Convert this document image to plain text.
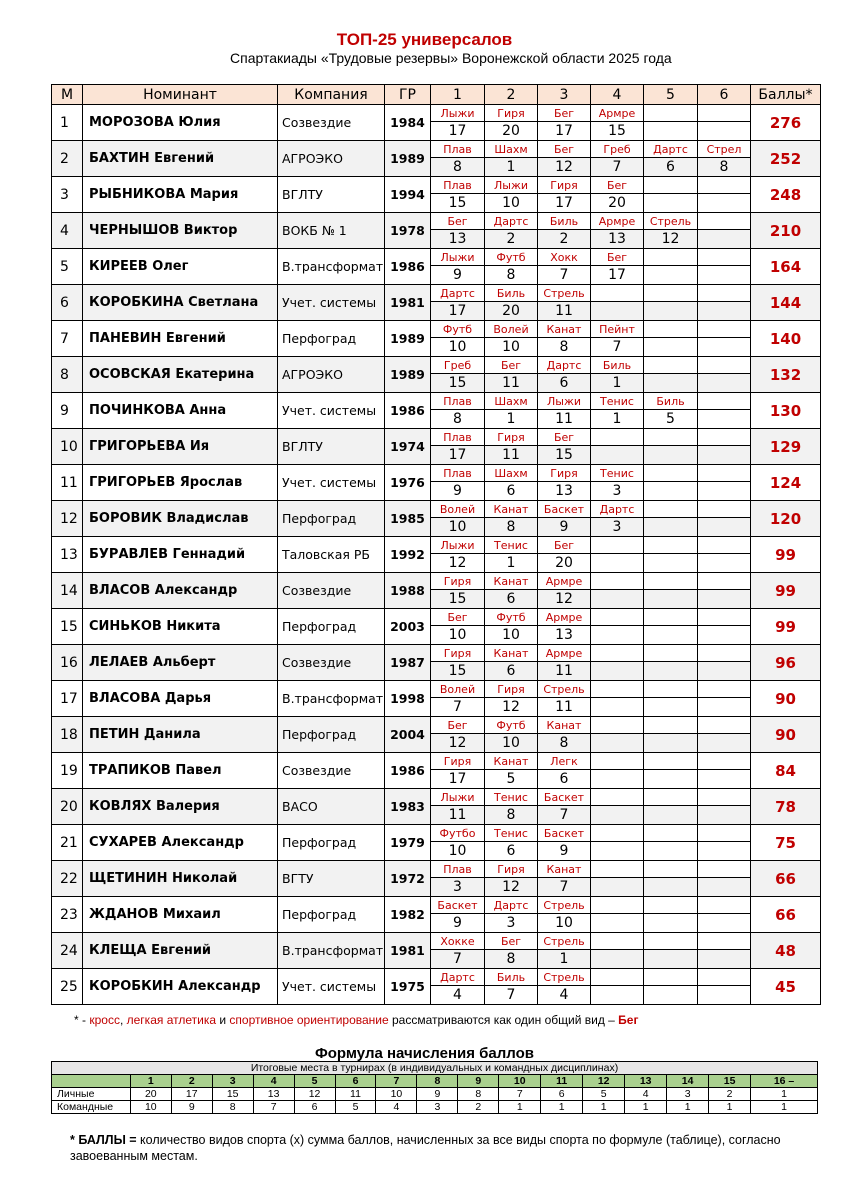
ТОП-25 универсалов
Спартакиады «Трудовые резервы» Воронежской области 2025 года
М	Номинант	Компания	ГР	1	2	3	4	5	6	Баллы*
1	МОРОЗОВА Юлия	Созвездие	1984	Лыжи	Гиря	Бег	Армре			276
				17	20	17	15			
2	БАХТИН Евгений	АГРОЭКО	1989	Плав	Шахм	Бег	Греб	Дартс	Стрел	252
				8	1	12	7	6	8	
3	РЫБНИКОВА Мария	ВГЛТУ	1994	Плав	Лыжи	Гиря	Бег			248
				15	10	17	20			
4	ЧЕРНЫШОВ Виктор	ВОКБ № 1	1978	Бег	Дартс	Биль	Армре	Стрель		210
				13	2	2	13	12		
5	КИРЕЕВ Олег	В.трансформат	1986	Лыжи	Футб	Хокк	Бег			164
				9	8	7	17			
6	КОРОБКИНА Светлана	Учет. системы	1981	Дартс	Биль	Стрель				144
				17	20	11				
7	ПАНЕВИН Евгений	Перфоград	1989	Футб	Волей	Канат	Пейнт			140
				10	10	8	7			
8	ОСОВСКАЯ Екатерина	АГРОЭКО	1989	Греб	Бег	Дартс	Биль			132
				15	11	6	1			
9	ПОЧИНКОВА Анна	Учет. системы	1986	Плав	Шахм	Лыжи	Тенис	Биль		130
				8	1	11	1	5		
10	ГРИГОРЬЕВА Ия	ВГЛТУ	1974	Плав	Гиря	Бег				129
				17	11	15				
11	ГРИГОРЬЕВ Ярослав	Учет. системы	1976	Плав	Шахм	Гиря	Тенис			124
				9	6	13	3			
12	БОРОВИК Владислав	Перфоград	1985	Волей	Канат	Баскет	Дартс			120
				10	8	9	3			
13	БУРАВЛЕВ Геннадий	Таловская РБ	1992	Лыжи	Тенис	Бег				99
				12	1	20				
14	ВЛАСОВ Александр	Созвездие	1988	Гиря	Канат	Армре				99
				15	6	12				
15	СИНЬКОВ Никита	Перфоград	2003	Бег	Футб	Армре				99
				10	10	13				
16	ЛЕЛАЕВ Альберт	Созвездие	1987	Гиря	Канат	Армре				96
				15	6	11				
17	ВЛАСОВА Дарья	В.трансформат	1998	Волей	Гиря	Стрель				90
				7	12	11				
18	ПЕТИН Данила	Перфоград	2004	Бег	Футб	Канат				90
				12	10	8				
19	ТРАПИКОВ Павел	Созвездие	1986	Гиря	Канат	Легк				84
				17	5	6				
20	КОВЛЯХ Валерия	ВАСО	1983	Лыжи	Тенис	Баскет				78
				11	8	7				
21	СУХАРЕВ Александр	Перфоград	1979	Футбо	Тенис	Баскет				75
				10	6	9				
22	ЩЕТИНИН Николай	ВГТУ	1972	Плав	Гиря	Канат				66
				3	12	7				
23	ЖДАНОВ Михаил	Перфоград	1982	Баскет	Дартс	Стрель				66
				9	3	10				
24	КЛЕЩА Евгений	В.трансформат	1981	Хокке	Бег	Стрель				48
				7	8	1				
25	КОРОБКИН Александр	Учет. системы	1975	Дартс	Биль	Стрель				45
				4	7	4				
* - кросс, легкая атлетика и спортивное ориентирование рассматриваются как один общий вид – Бег
Формула начисления баллов
Итоговые места в турнирах (в индивидуальных и командных дисциплинах)																
	1	2	3	4	5	6	7	8	9	10	11	12	13	14	15	16 –
Личные	20	17	15	13	12	11	10	9	8	7	6	5	4	3	2	1
Командные	10	9	8	7	6	5	4	3	2	1	1	1	1	1	1	1
* БАЛЛЫ = количество видов спорта (х) сумма баллов, начисленных за все виды спорта по формуле (таблице), согласно завоеванным местам.
